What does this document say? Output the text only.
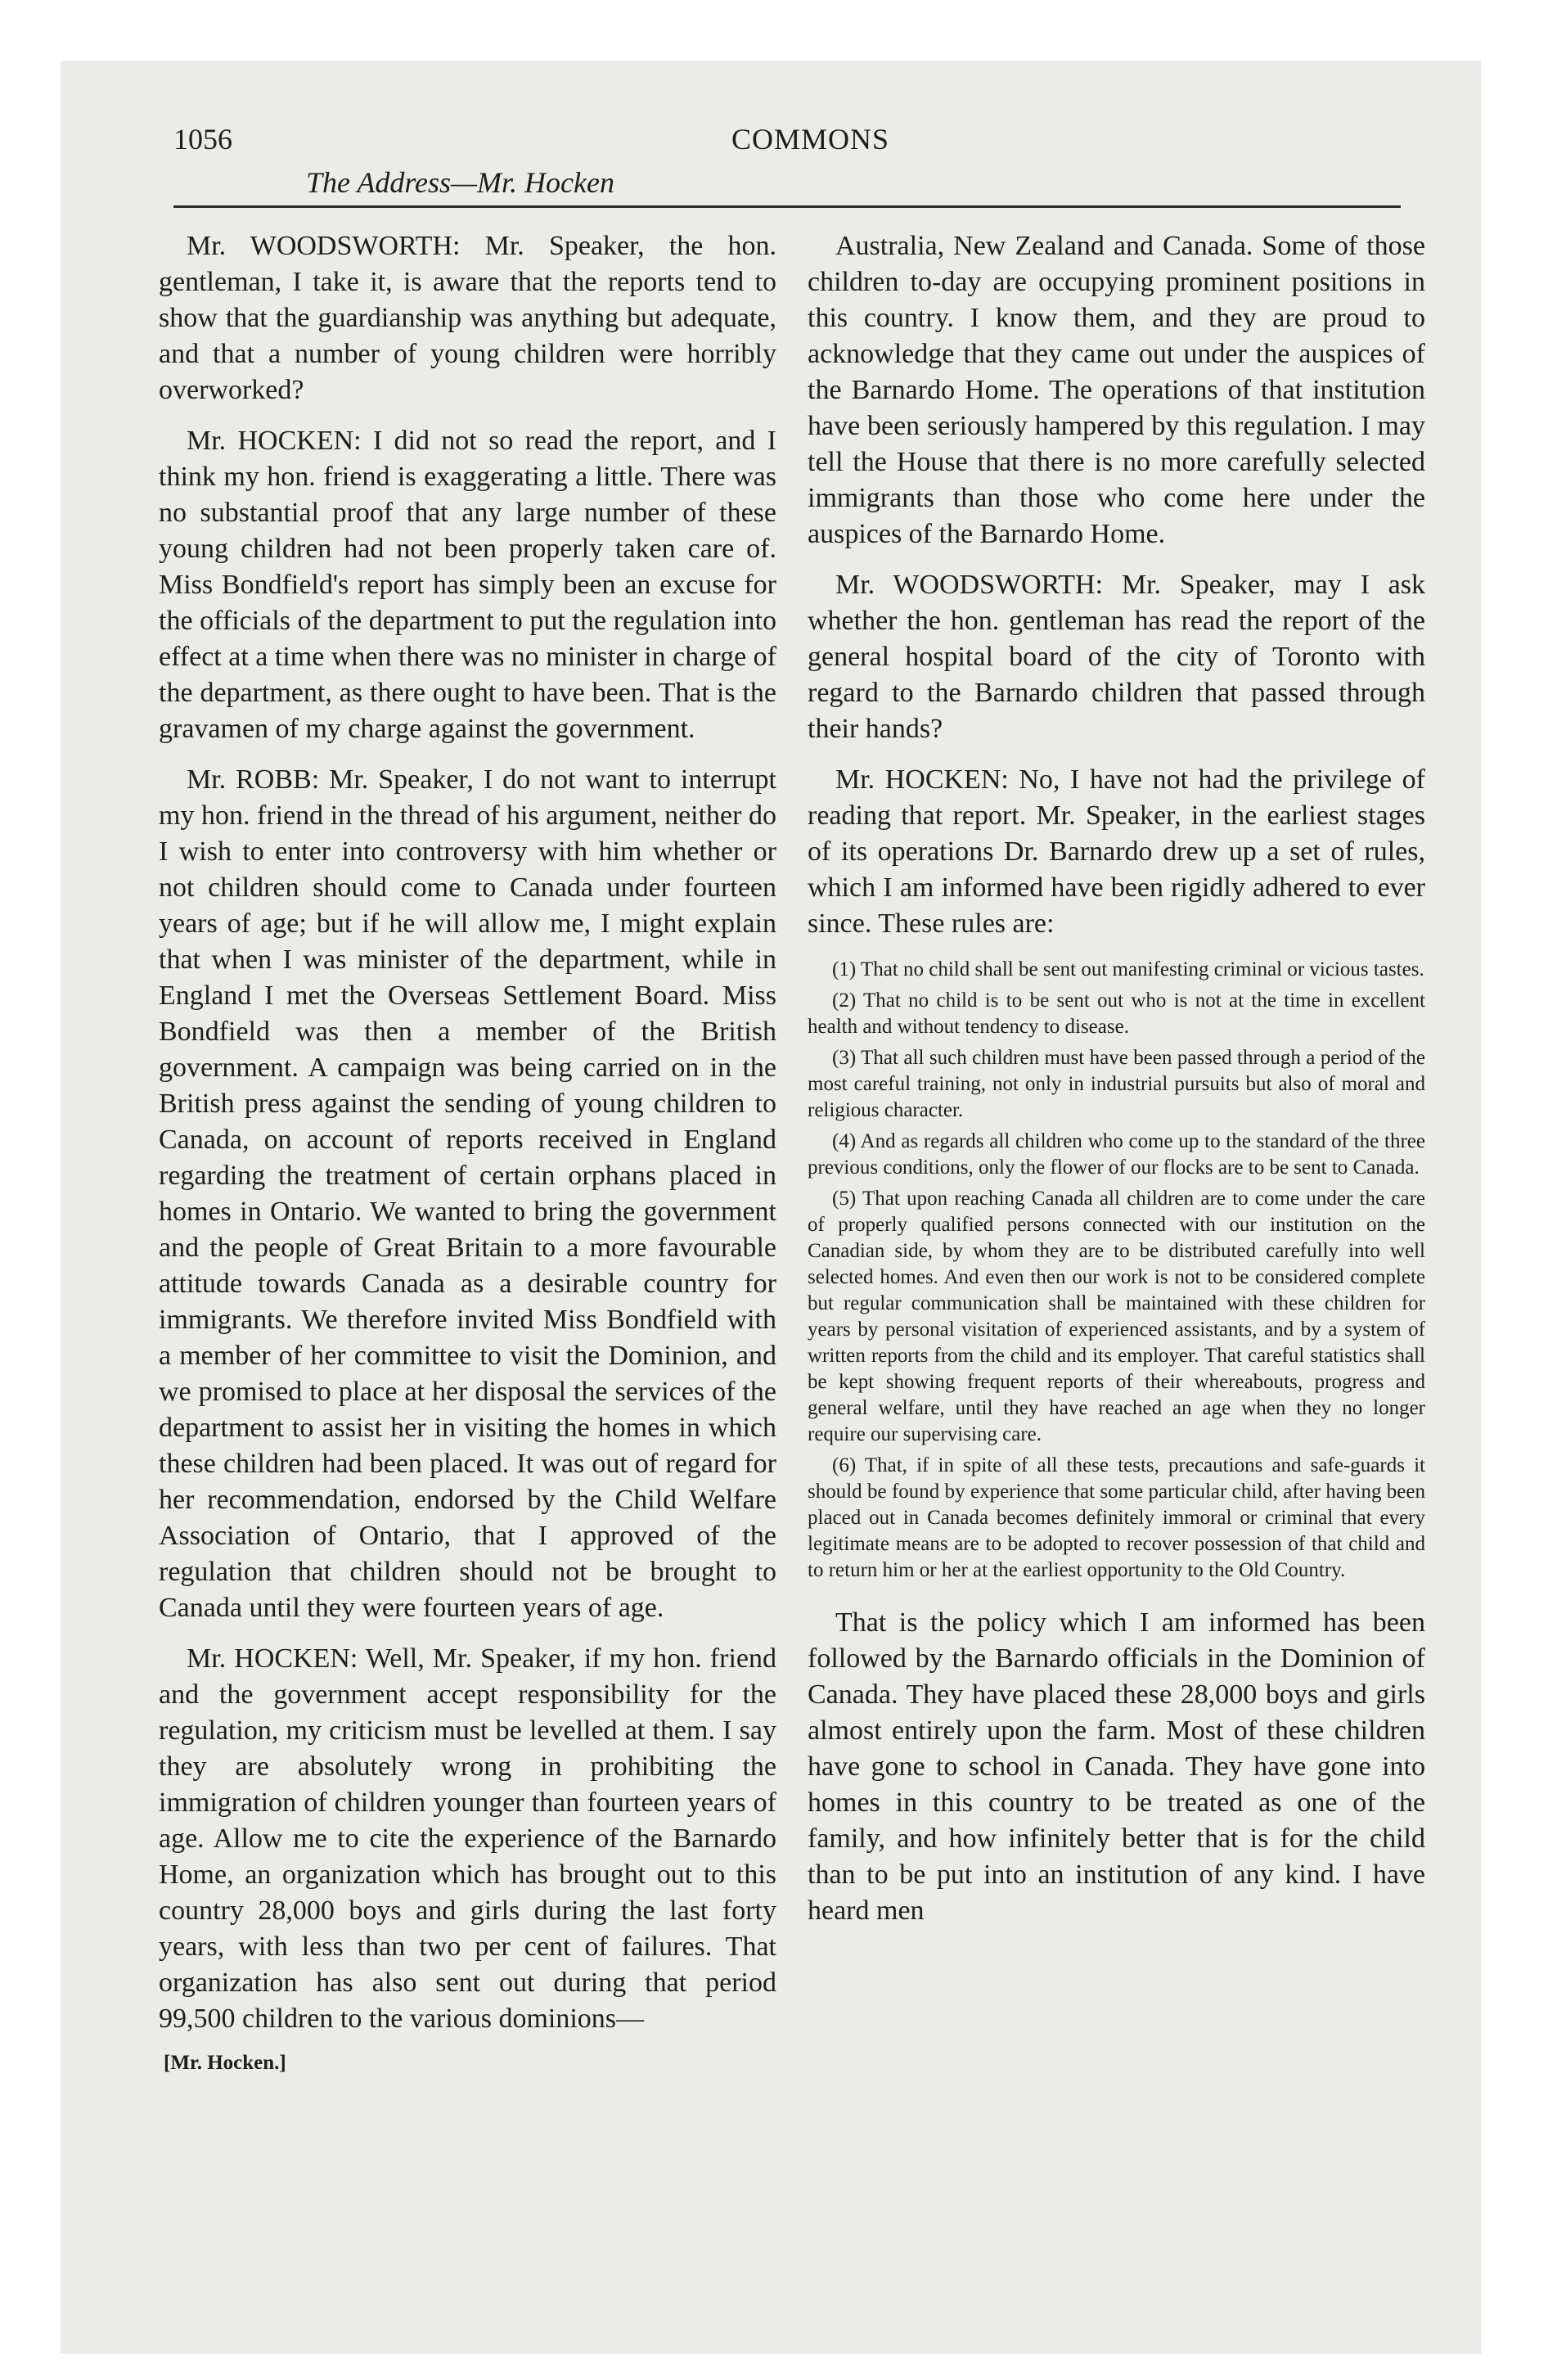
1056
The Address—Mr. Hocken
COMMONS

Mr. WOODSWORTH: Mr. Speaker, the hon. gentleman, I take it, is aware that the reports tend to show that the guardianship was anything but adequate, and that a number of young children were horribly overworked?

Mr. HOCKEN: I did not so read the report, and I think my hon. friend is exaggerating a little. There was no substantial proof that any large number of these young children had not been properly taken care of. Miss Bondfield's report has simply been an excuse for the officials of the department to put the regulation into effect at a time when there was no minister in charge of the department, as there ought to have been. That is the gravamen of my charge against the government.

Mr. ROBB: Mr. Speaker, I do not want to interrupt my hon. friend in the thread of his argument, neither do I wish to enter into controversy with him whether or not children should come to Canada under fourteen years of age; but if he will allow me, I might explain that when I was minister of the department, while in England I met the Overseas Settlement Board. Miss Bondfield was then a member of the British government. A campaign was being carried on in the British press against the sending of young children to Canada, on account of reports received in England regarding the treatment of certain orphans placed in homes in Ontario. We wanted to bring the government and the people of Great Britain to a more favourable attitude towards Canada as a desirable country for immigrants. We therefore invited Miss Bondfield with a member of her committee to visit the Dominion, and we promised to place at her disposal the services of the department to assist her in visiting the homes in which these children had been placed. It was out of regard for her recommendation, endorsed by the Child Welfare Association of Ontario, that I approved of the regulation that children should not be brought to Canada until they were fourteen years of age.

Mr. HOCKEN: Well, Mr. Speaker, if my hon. friend and the government accept responsibility for the regulation, my criticism must be levelled at them. I say they are absolutely wrong in prohibiting the immigration of children younger than fourteen years of age. Allow me to cite the experience of the Barnardo Home, an organization which has brought out to this country 28,000 boys and girls during the last forty years, with less than two per cent of failures. That organization has also sent out during that period 99,500 children to the various dominions—

[Mr. Hocken.]

Australia, New Zealand and Canada. Some of those children to-day are occupying prominent positions in this country. I know them, and they are proud to acknowledge that they came out under the auspices of the Barnardo Home. The operations of that institution have been seriously hampered by this regulation. I may tell the House that there is no more carefully selected immigrants than those who come here under the auspices of the Barnardo Home.

Mr. WOODSWORTH: Mr. Speaker, may I ask whether the hon. gentleman has read the report of the general hospital board of the city of Toronto with regard to the Barnardo children that passed through their hands?

Mr. HOCKEN: No, I have not had the privilege of reading that report. Mr. Speaker, in the earliest stages of its operations Dr. Barnardo drew up a set of rules, which I am informed have been rigidly adhered to ever since. These rules are:

(1) That no child shall be sent out manifesting criminal or vicious tastes.

(2) That no child is to be sent out who is not at the time in excellent health and without tendency to disease.

(3) That all such children must have been passed through a period of the most careful training, not only in industrial pursuits but also of moral and religious character.

(4) And as regards all children who come up to the standard of the three previous conditions, only the flower of our flocks are to be sent to Canada.

(5) That upon reaching Canada all children are to come under the care of properly qualified persons connected with our institution on the Canadian side, by whom they are to be distributed carefully into well selected homes. And even then our work is not to be considered complete but regular communication shall be maintained with these children for years by personal visitation of experienced assistants, and by a system of written reports from the child and its employer. That careful statistics shall be kept showing frequent reports of their whereabouts, progress and general welfare, until they have reached an age when they no longer require our supervising care.

(6) That, if in spite of all these tests, precautions and safe-guards it should be found by experience that some particular child, after having been placed out in Canada becomes definitely immoral or criminal that every legitimate means are to be adopted to recover possession of that child and to return him or her at the earliest opportunity to the Old Country.

That is the policy which I am informed has been followed by the Barnardo officials in the Dominion of Canada. They have placed these 28,000 boys and girls almost entirely upon the farm. Most of these children have gone to school in Canada. They have gone into homes in this country to be treated as one of the family, and how infinitely better that is for the child than to be put into an institution of any kind. I have heard men
